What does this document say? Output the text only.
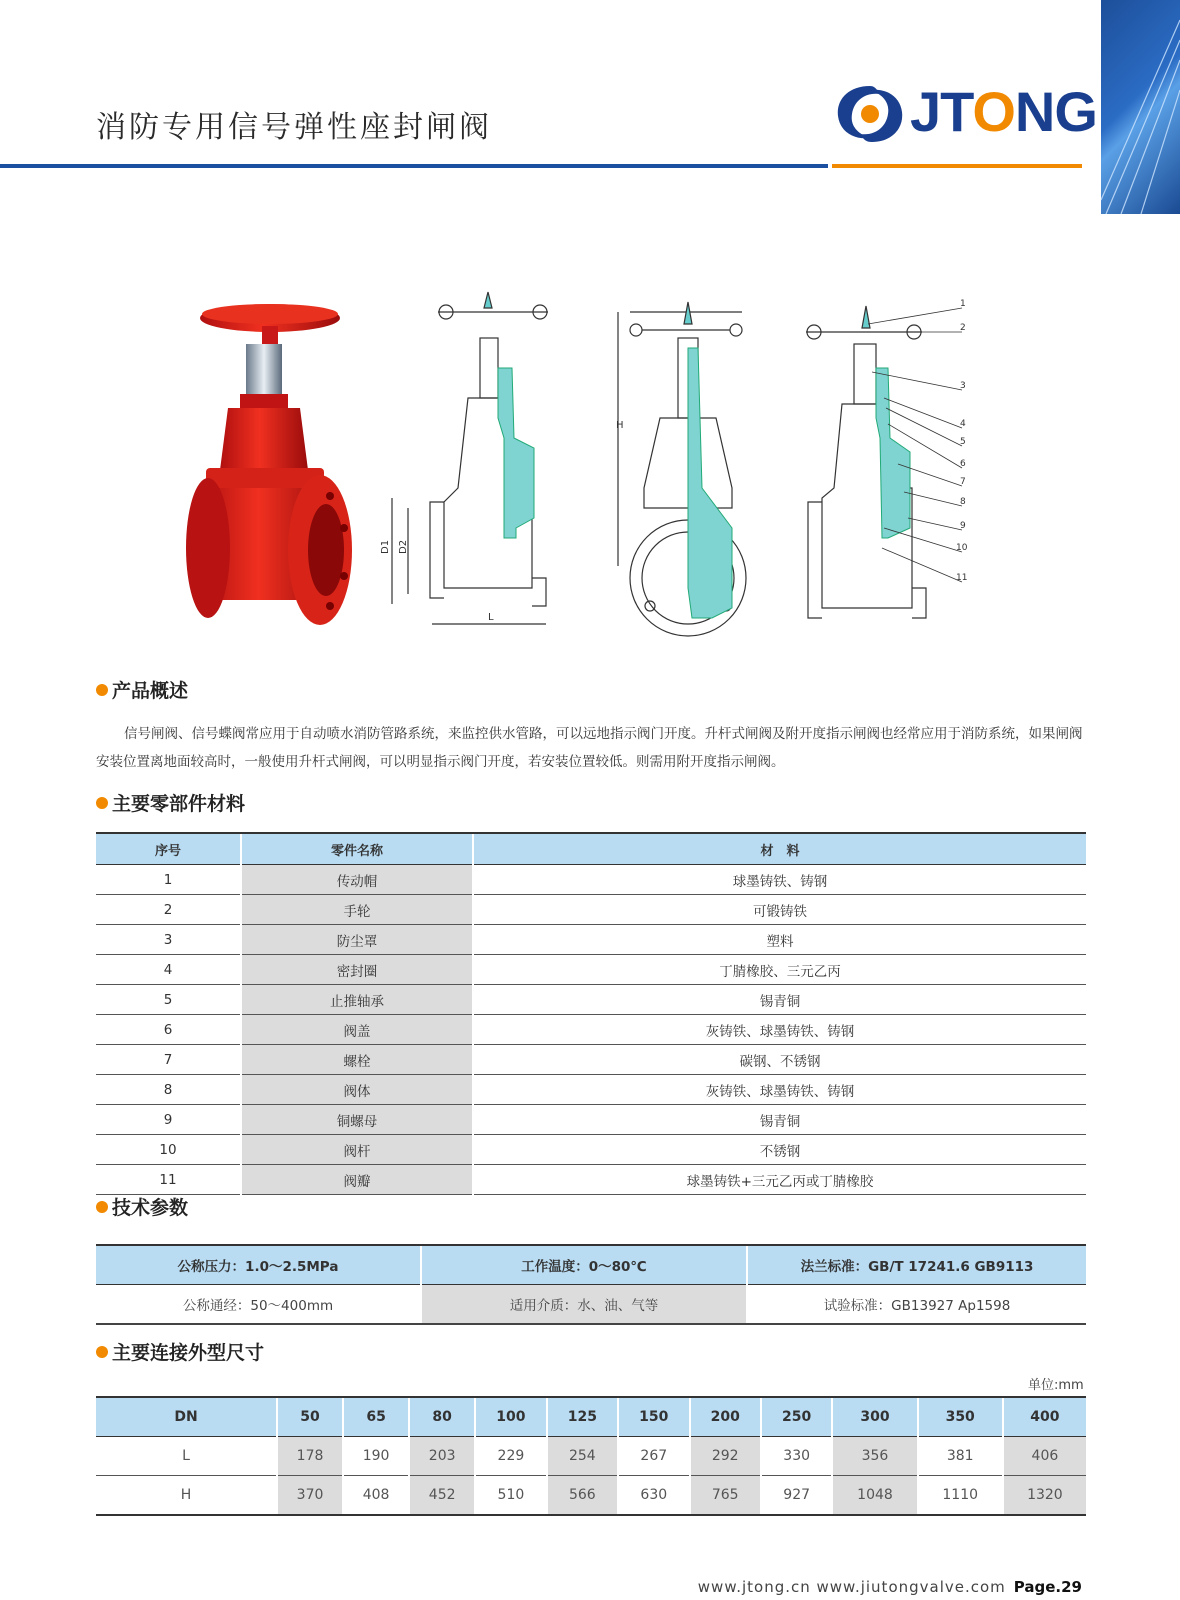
消防专用信号弹性座封闸阀	JTONG
D1 D2
L
H
1
2
3
4
5
6
7
8
9
10
11
产品概述
信号闸阀、信号蝶阀常应用于自动喷水消防管路系统，来监控供水管路，可以远地指示阀门开度。升杆式闸阀及附开度指示闸阀也经常应用于消防系统，如果闸阀安装位置离地面较高时，一般使用升杆式闸阀，可以明显指示阀门开度，若安装位置较低。则需用附开度指示闸阀。
主要零部件材料
序号	零件名称	材　料
1	传动帽	球墨铸铁、铸钢
2	手轮	可锻铸铁
3	防尘罩	塑料
4	密封圈	丁腈橡胶、三元乙丙
5	止推轴承	锡青铜
6	阀盖	灰铸铁、球墨铸铁、铸钢
7	螺栓	碳钢、不锈钢
8	阀体	灰铸铁、球墨铸铁、铸钢
9	铜螺母	锡青铜
10	阀杆	不锈钢
11	阀瓣	球墨铸铁+三元乙丙或丁腈橡胶
技术参数
公称压力：1.0～2.5MPa	工作温度：0～80℃	法兰标准：GB/T 17241.6 GB9113
公称通经：50～400mm	适用介质：水、油、气等	试验标准：GB13927 Ap1598
主要连接外型尺寸
单位:mm
DN	50	65	80	100	125	150	200	250	300	350	400
L	178	190	203	229	254	267	292	330	356	381	406
H	370	408	452	510	566	630	765	927	1048	1110	1320
www.jtong.cn www.jiutongvalve.com Page.29
